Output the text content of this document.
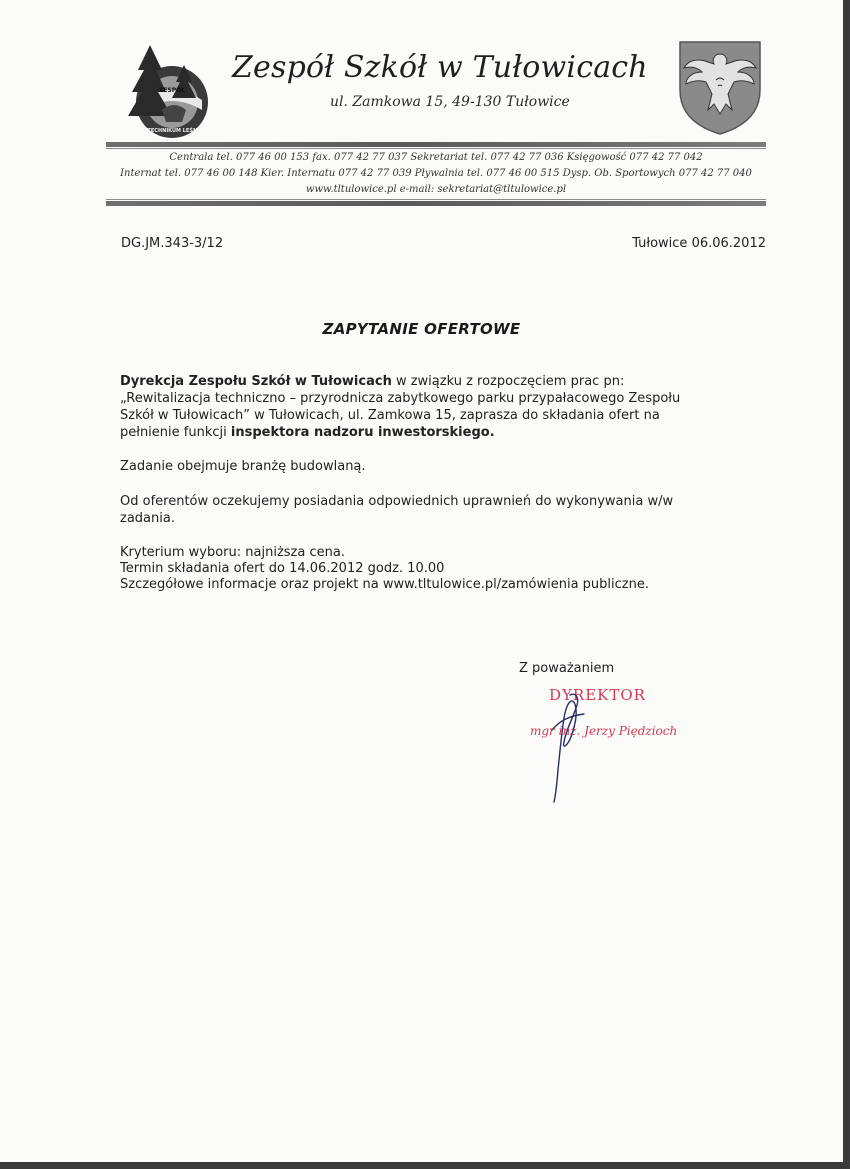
ZESPÓŁ
TECHNIKUM LEŚNE
Zespół Szkół w Tułowicach
ul. Zamkowa 15, 49-130 Tułowice
Centrala tel. 077 46 00 153 fax. 077 42 77 037 Sekretariat tel. 077 42 77 036 Księgowość 077 42 77 042
Internat tel. 077 46 00 148 Kier. Internatu 077 42 77 039 Pływalnia tel. 077 46 00 515 Dysp. Ob. Sportowych 077 42 77 040
www.tltulowice.pl e-mail: sekretariat@tltulowice.pl
DG.JM.343-3/12	Tułowice 06.06.2012
ZAPYTANIE OFERTOWE
Dyrekcja Zespołu Szkół w Tułowicach w związku z rozpoczęciem prac pn:
„Rewitalizacja techniczno – przyrodnicza zabytkowego parku przypałacowego Zespołu
Szkół w Tułowicach” w Tułowicach, ul. Zamkowa 15, zaprasza do składania ofert na
pełnienie funkcji inspektora nadzoru inwestorskiego.
Zadanie obejmuje branżę budowlaną.
Od oferentów oczekujemy posiadania odpowiednich uprawnień do wykonywania w/w
zadania.
Kryterium wyboru: najniższa cena.
Termin składania ofert do 14.06.2012 godz. 10.00
Szczegółowe informacje oraz projekt na www.tltulowice.pl/zamówienia publiczne.
Z poważaniem
DYREKTOR
mgr inż. Jerzy Piędzioch
